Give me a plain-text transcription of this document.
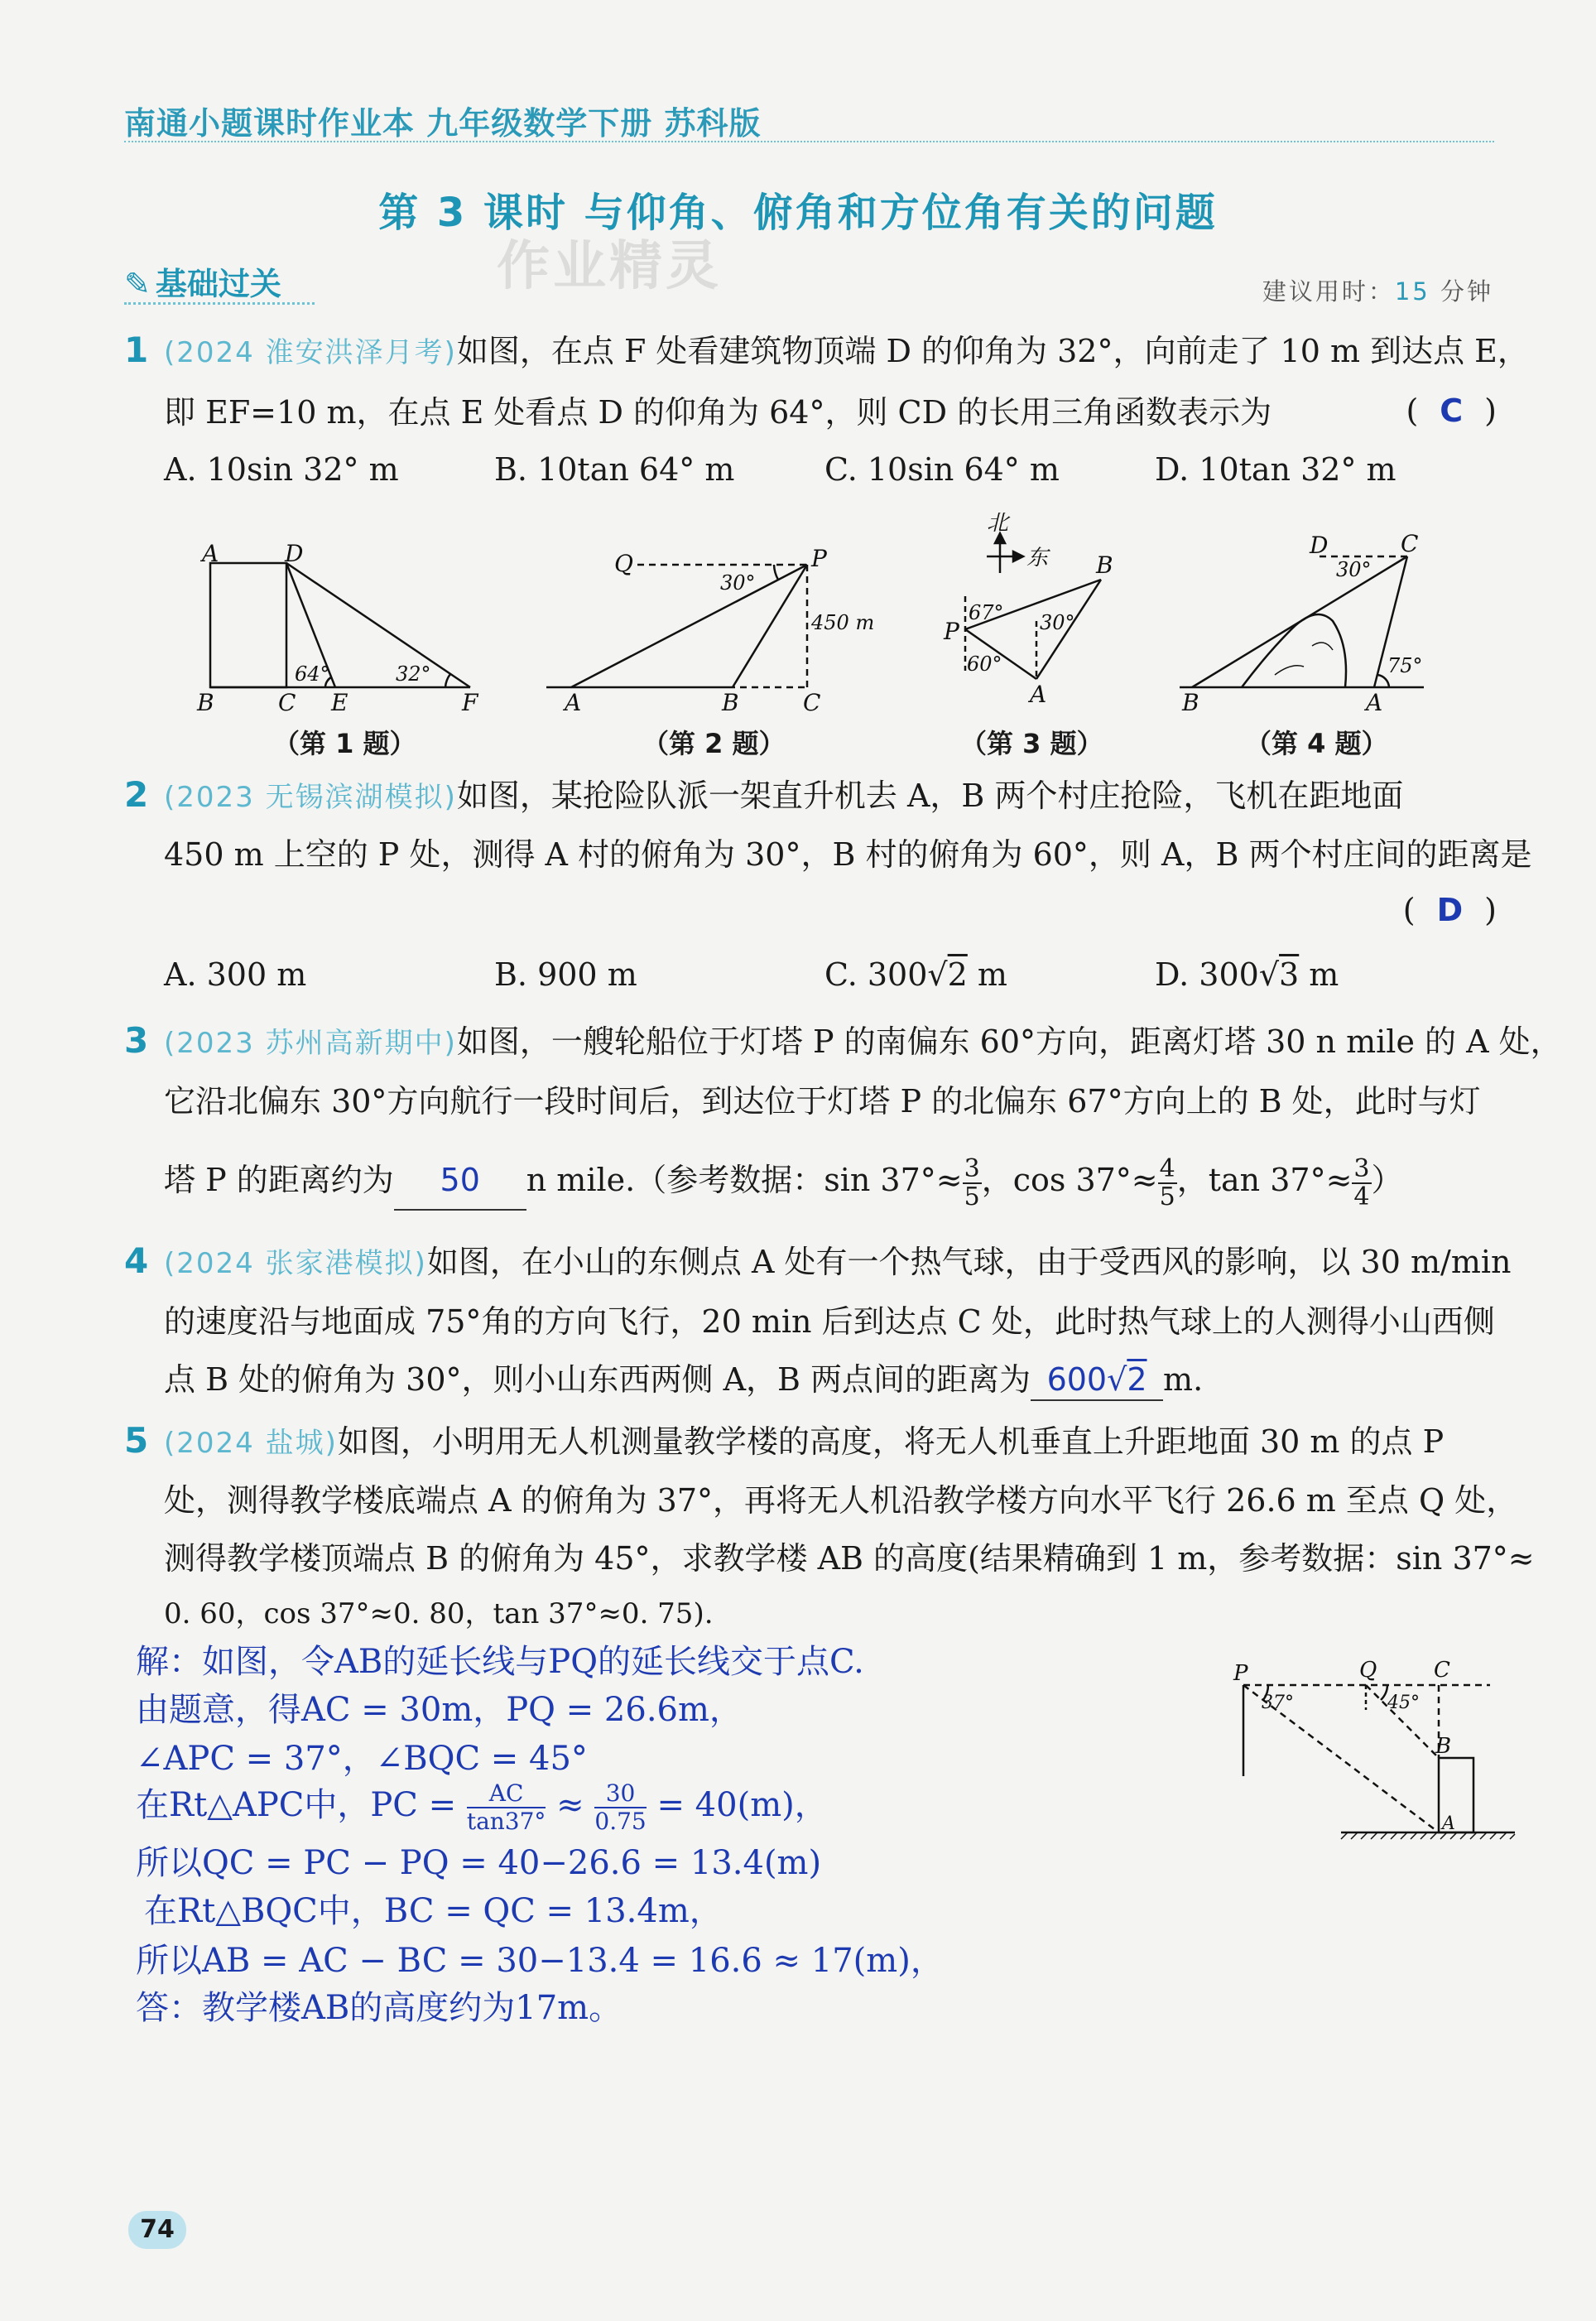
南通小题课时作业本 九年级数学下册 苏科版
第 3 课时 与仰角、俯角和方位角有关的问题
作业精灵
✎ 基础过关	建议用时：15 分钟
1 (2024 淮安洪泽月考)如图，在点 F 处看建筑物顶端 D 的仰角为 32°，向前走了 10 m 到达点 E，
即 EF=10 m，在点 E 处看点 D 的仰角为 64°，则 CD 的长用三角函数表示为	( C )
A. 10sin 32° m	B. 10tan 64° m	C. 10sin 64° m	D. 10tan 32° m
A	D
B	C E	F
64°	32°
Q	P
A	B	C
30°
450 m
北
东 B
P
A
67° 30°
60°
D	C
B	A
30°
75°
（第 1 题）	（第 2 题）	（第 3 题）	（第 4 题）
2 (2023 无锡滨湖模拟)如图，某抢险队派一架直升机去 A，B 两个村庄抢险，飞机在距地面
450 m 上空的 P 处，测得 A 村的俯角为 30°，B 村的俯角为 60°，则 A，B 两个村庄间的距离是
( D )
A. 300 m	B. 900 m	C. 300√2 m	D. 300√3 m
3 (2023 苏州高新期中)如图，一艘轮船位于灯塔 P 的南偏东 60°方向，距离灯塔 30 n mile 的 A 处，
它沿北偏东 30°方向航行一段时间后，到达位于灯塔 P 的北偏东 67°方向上的 B 处，此时与灯
塔 P 的距离约为 50 n mile.（参考数据：$\sin 37^\circ\approx \frac{3}{5}$ ，$\cos 37^\circ\approx \frac{4}{5}$ ，$\tan 37^\circ\approx \frac{3}{4}$ ）
4 (2024 张家港模拟)如图，在小山的东侧点 A 处有一个热气球，由于受西风的影响，以 30 m/min
的速度沿与地面成 75°角的方向飞行，20 min 后到达点 C 处，此时热气球上的人测得小山西侧
点 B 处的俯角为 30°，则小山东西两侧 A，B 两点间的距离为 600√2 m.
5 (2024 盐城)如图，小明用无人机测量教学楼的高度，将无人机垂直上升距地面 30 m 的点 P
处，测得教学楼底端点 A 的俯角为 37°，再将无人机沿教学楼方向水平飞行 26.6 m 至点 Q 处，
测得教学楼顶端点 B 的俯角为 45°，求教学楼 AB 的高度(结果精确到 1 m，参考数据：sin 37°≈
0. 60，cos 37°≈0. 80，tan 37°≈0. 75).
解：如图，令AB的延长线与PQ的延长线交于点C.
由题意，得AC = 30m，PQ = 26.6m，
∠APC = 37°，∠BQC = 45°
在Rt△APC中，PC = $\frac{AC}{\tan 37^\circ} \approx \frac{30}{0.75} = 40(m)$，
所以QC = PC − PQ = 40−26.6 = 13.4(m)
在Rt△BQC中，BC = QC = 13.4m，
所以AB = AC − BC = 30−13.4 = 16.6 ≈ 17(m)，
答：教学楼AB的高度约为17m。
P	Q	C
B
A
37°	45°
74
